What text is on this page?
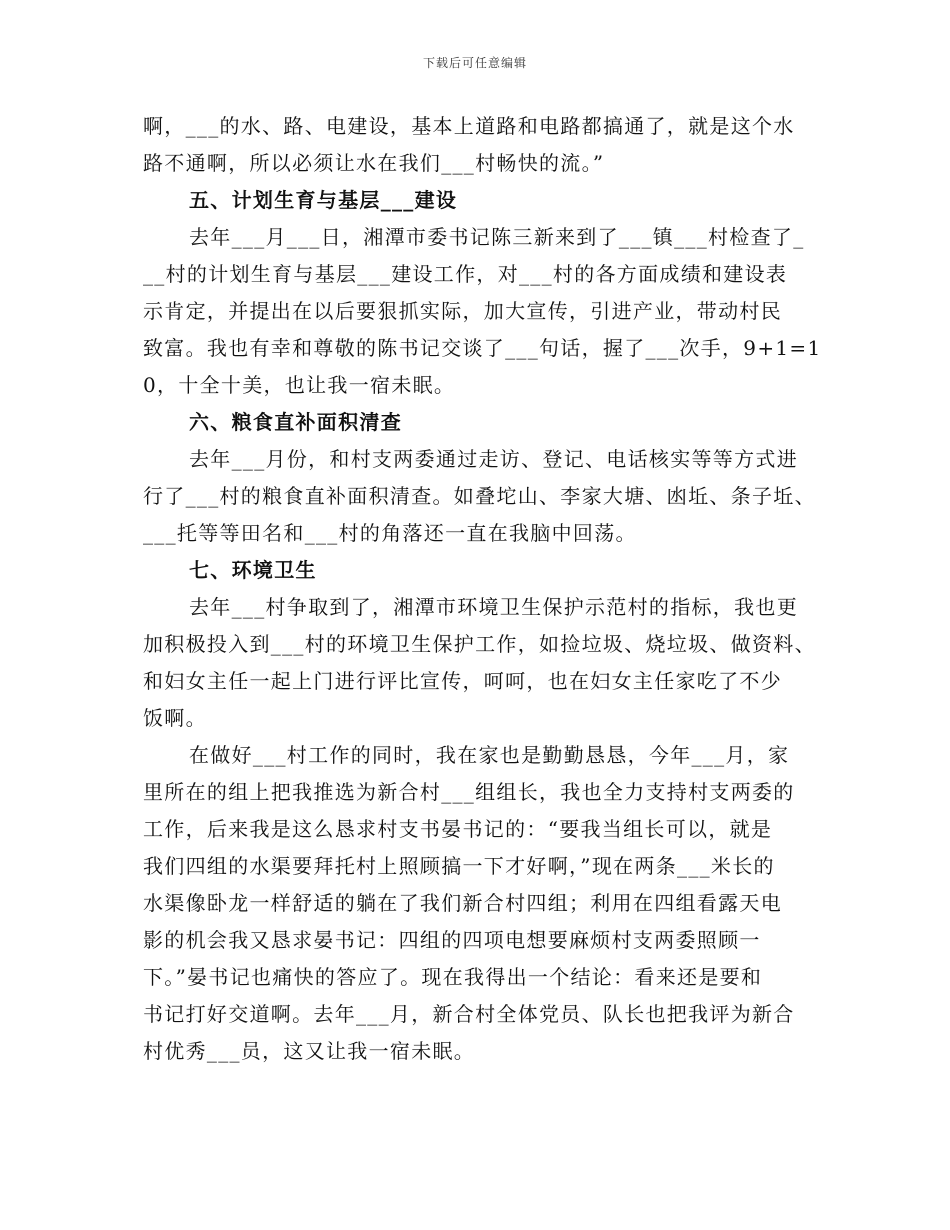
下载后可任意编辑
啊，___的水、路、电建设，基本上道路和电路都搞通了，就是这个水
路不通啊，所以必须让水在我们___村畅快的流。”
五、计划生育与基层___建设
去年___月___日，湘潭市委书记陈三新来到了___镇___村检查了_
__村的计划生育与基层___建设工作，对___村的各方面成绩和建设表
示肯定，并提出在以后要狠抓实际，加大宣传，引进产业，带动村民
致富。我也有幸和尊敬的陈书记交谈了___句话，握了___次手，9+1=1
0，十全十美，也让我一宿未眠。
六、粮食直补面积清查
去年___月份，和村支两委通过走访、登记、电话核实等等方式进
行了___村的粮食直补面积清查。如叠坨山、李家大塘、凼坵、条子坵、
___托等等田名和___村的角落还一直在我脑中回荡。
七、环境卫生
去年___村争取到了，湘潭市环境卫生保护示范村的指标，我也更
加积极投入到___村的环境卫生保护工作，如捡垃圾、烧垃圾、做资料、
和妇女主任一起上门进行评比宣传，呵呵，也在妇女主任家吃了不少
饭啊。
在做好___村工作的同时，我在家也是勤勤恳恳，今年___月，家
里所在的组上把我推选为新合村___组组长，我也全力支持村支两委的
工作，后来我是这么恳求村支书晏书记的：“要我当组长可以，就是
我们四组的水渠要拜托村上照顾搞一下才好啊，”现在两条___米长的
水渠像卧龙一样舒适的躺在了我们新合村四组；利用在四组看露天电
影的机会我又恳求晏书记：四组的四项电想要麻烦村支两委照顾一
下。”晏书记也痛快的答应了。现在我得出一个结论：看来还是要和
书记打好交道啊。去年___月，新合村全体党员、队长也把我评为新合
村优秀___员，这又让我一宿未眠。
